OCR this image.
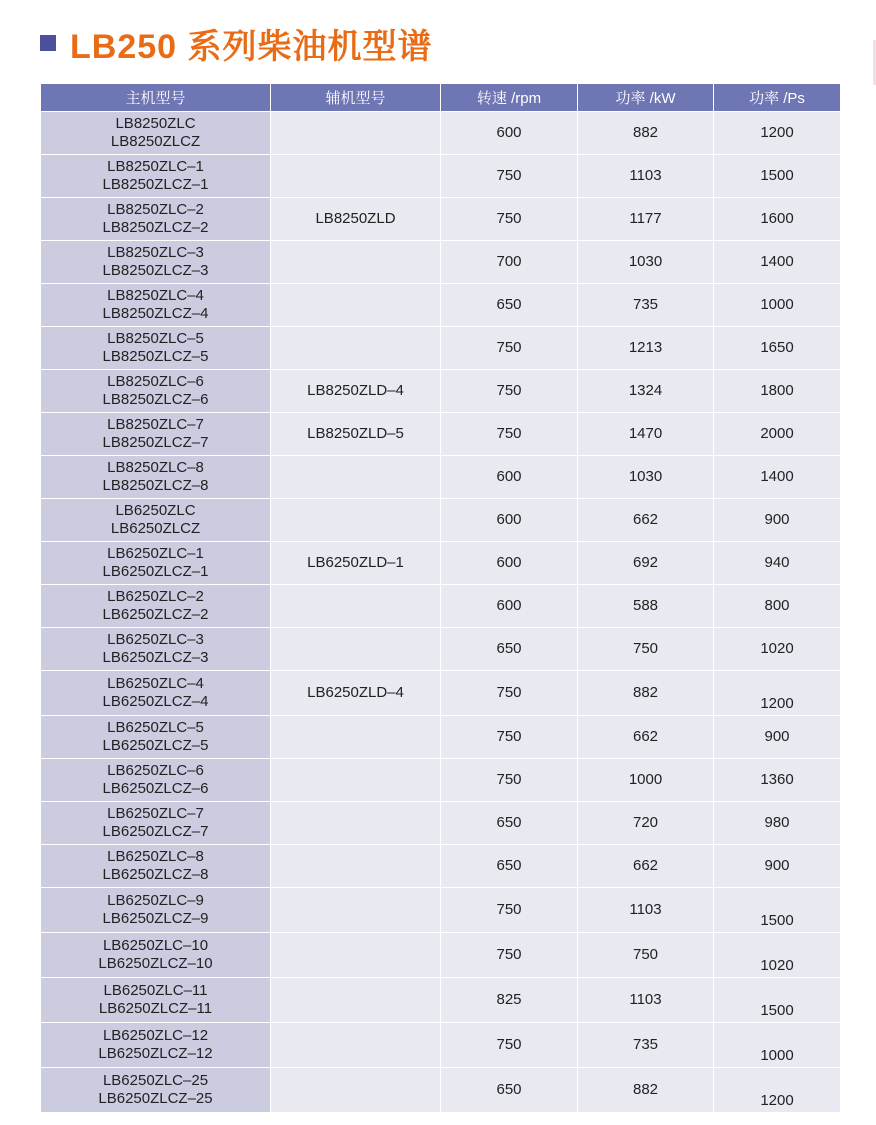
LB250 系列柴油机型谱
主机型号	辅机型号	转速 /rpm	功率 /kW	功率 /Ps

LB8250ZLC
LB8250ZLCZ		600	882	1200

LB8250ZLC–1
LB8250ZLCZ–1		750	1103	1500

LB8250ZLC–2
LB8250ZLCZ–2	LB8250ZLD	750	1177	1600

LB8250ZLC–3
LB8250ZLCZ–3		700	1030	1400

LB8250ZLC–4
LB8250ZLCZ–4		650	735	1000

LB8250ZLC–5
LB8250ZLCZ–5		750	1213	1650

LB8250ZLC–6
LB8250ZLCZ–6	LB8250ZLD–4	750	1324	1800

LB8250ZLC–7
LB8250ZLCZ–7	LB8250ZLD–5	750	1470	2000

LB8250ZLC–8
LB8250ZLCZ–8		600	1030	1400

LB6250ZLC
LB6250ZLCZ		600	662	900

LB6250ZLC–1
LB6250ZLCZ–1	LB6250ZLD–1	600	692	940

LB6250ZLC–2
LB6250ZLCZ–2		600	588	800

LB6250ZLC–3
LB6250ZLCZ–3		650	750	1020

LB6250ZLC–4
LB6250ZLCZ–4	LB6250ZLD–4	750	882	1200

LB6250ZLC–5
LB6250ZLCZ–5		750	662	900

LB6250ZLC–6
LB6250ZLCZ–6		750	1000	1360

LB6250ZLC–7
LB6250ZLCZ–7		650	720	980

LB6250ZLC–8
LB6250ZLCZ–8		650	662	900

LB6250ZLC–9
LB6250ZLCZ–9		750	1103	1500

LB6250ZLC–10
LB6250ZLCZ–10		750	750	1020

LB6250ZLC–11
LB6250ZLCZ–11		825	1103	1500

LB6250ZLC–12
LB6250ZLCZ–12		750	735	1000

LB6250ZLC–25
LB6250ZLCZ–25		650	882	1200
